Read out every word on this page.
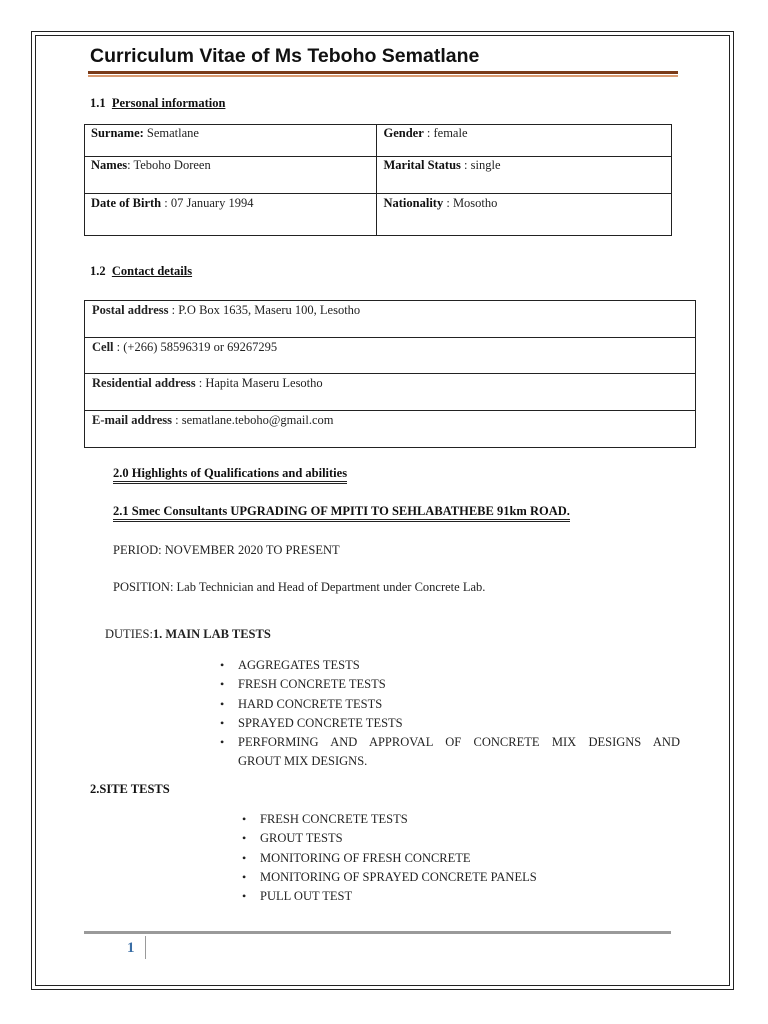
Curriculum Vitae of Ms Teboho Sematlane
1.1 Personal information
Surname: Sematlane	Gender : female
Names: Teboho Doreen	Marital Status : single
Date of Birth : 07 January 1994	Nationality : Mosotho
1.2 Contact details
Postal address : P.O Box 1635, Maseru 100, Lesotho
Cell : (+266) 58596319 or 69267295
Residential address : Hapita Maseru Lesotho
E-mail address : sematlane.teboho@gmail.com
2.0 Highlights of Qualifications and abilities
2.1 Smec Consultants UPGRADING OF MPITI TO SEHLABATHEBE 91km ROAD.
PERIOD: NOVEMBER 2020 TO PRESENT
POSITION: Lab Technician and Head of Department under Concrete Lab.
DUTIES:1. MAIN LAB TESTS
• AGGREGATES TESTS
• FRESH CONCRETE TESTS
• HARD CONCRETE TESTS
• SPRAYED CONCRETE TESTS
• PERFORMING AND APPROVAL OF CONCRETE MIX DESIGNS AND
GROUT MIX DESIGNS.
2.SITE TESTS
• FRESH CONCRETE TESTS
• GROUT TESTS
• MONITORING OF FRESH CONCRETE
• MONITORING OF SPRAYED CONCRETE PANELS
• PULL OUT TEST
1
